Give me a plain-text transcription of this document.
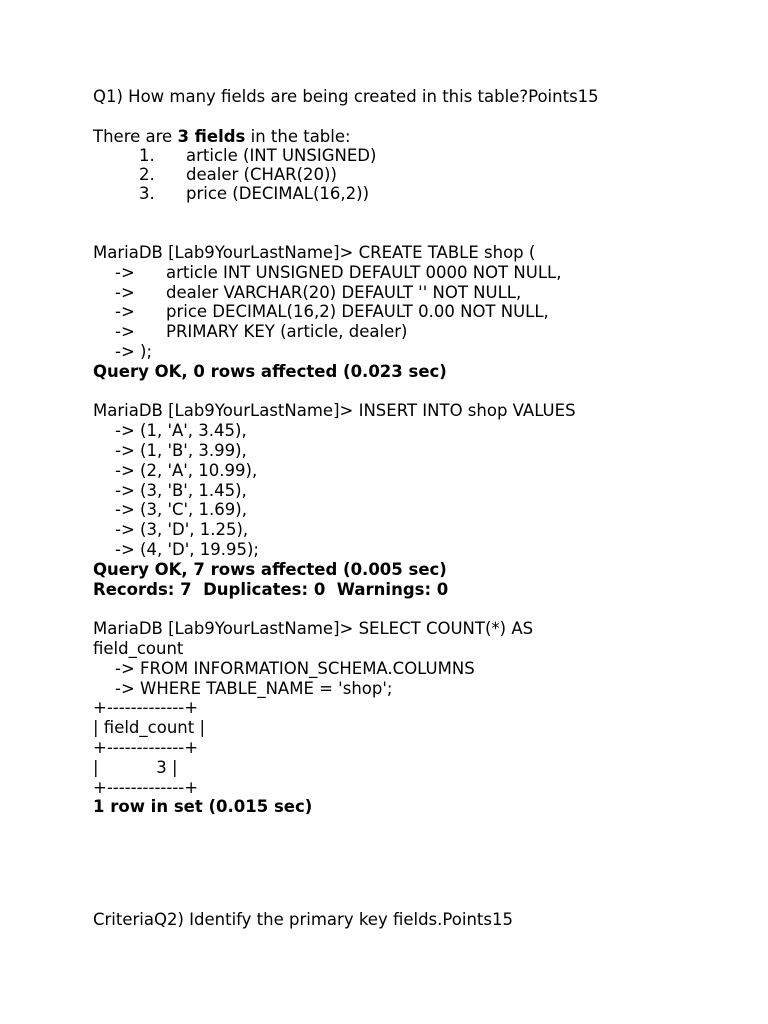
Q1) How many fields are being created in this table?Points15
There are 3 fields in the table:
1.	article (INT UNSIGNED)
2.	dealer (CHAR(20))
3.	price (DECIMAL(16,2))
MariaDB [Lab9YourLastName]> CREATE TABLE shop (
-> article INT UNSIGNED DEFAULT 0000 NOT NULL,
-> dealer VARCHAR(20) DEFAULT '' NOT NULL,
-> price DECIMAL(16,2) DEFAULT 0.00 NOT NULL,
-> PRIMARY KEY (article, dealer)
-> );
Query OK, 0 rows affected (0.023 sec)
MariaDB [Lab9YourLastName]> INSERT INTO shop VALUES
-> (1, 'A', 3.45),
-> (1, 'B', 3.99),
-> (2, 'A', 10.99),
-> (3, 'B', 1.45),
-> (3, 'C', 1.69),
-> (3, 'D', 1.25),
-> (4, 'D', 19.95);
Query OK, 7 rows affected (0.005 sec)
Records: 7  Duplicates: 0  Warnings: 0
MariaDB [Lab9YourLastName]> SELECT COUNT(*) AS
field_count
-> FROM INFORMATION_SCHEMA.COLUMNS
-> WHERE TABLE_NAME = 'shop';
+-------------+
| field_count |
+-------------+
|           3 |
+-------------+
1 row in set (0.015 sec)
CriteriaQ2) Identify the primary key fields.Points15
